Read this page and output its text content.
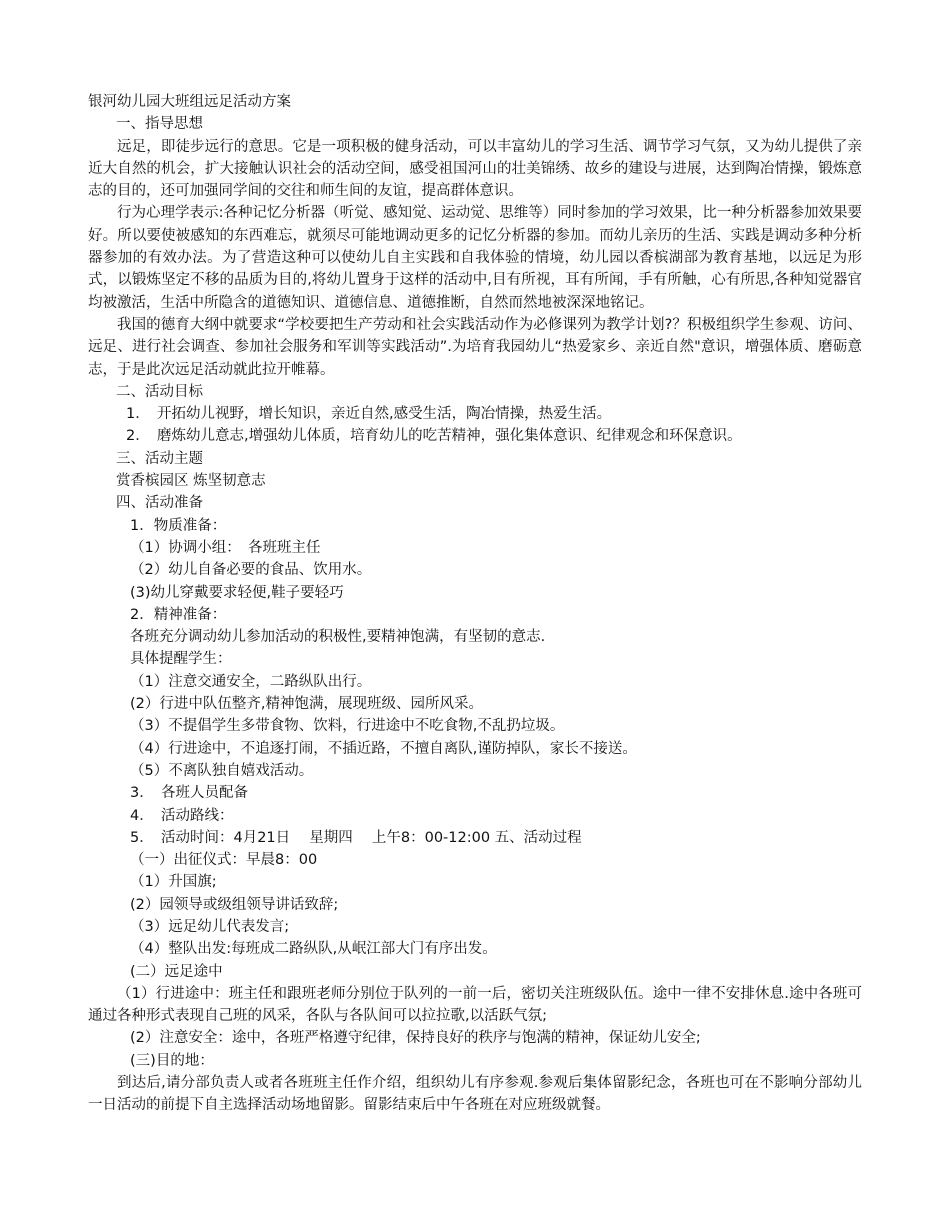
银河幼儿园大班组远足活动方案
一、指导思想
远足，即徒步远行的意思。它是一项积极的健身活动，可以丰富幼儿的学习生活、调节学习气氛，又为幼儿提供了亲近大自然的机会，扩大接触认识社会的活动空间，感受祖国河山的壮美锦绣、故乡的建设与进展，达到陶冶情操，锻炼意志的目的，还可加强同学间的交往和师生间的友谊，提高群体意识。
行为心理学表示:各种记忆分析器（听觉、感知觉、运动觉、思维等）同时参加的学习效果，比一种分析器参加效果要好。所以要使被感知的东西难忘，就须尽可能地调动更多的记忆分析器的参加。而幼儿亲历的生活、实践是调动多种分析器参加的有效办法。为了营造这种可以使幼儿自主实践和自我体验的情境，幼儿园以香槟湖部为教育基地，以远足为形式，以锻炼坚定不移的品质为目的,将幼儿置身于这样的活动中,目有所视，耳有所闻，手有所触，心有所思,各种知觉器官均被激活，生活中所隐含的道德知识、道德信息、道德推断，自然而然地被深深地铭记。
我国的德育大纲中就要求“学校要把生产劳动和社会实践活动作为必修课列为教学计划?？积极组织学生参观、访问、远足、进行社会调查、参加社会服务和军训等实践活动”.为培育我园幼儿“热爱家乡、亲近自然"意识，增强体质、磨砺意志，于是此次远足活动就此拉开帷幕。
二、活动目标
1．　开拓幼儿视野，增长知识，亲近自然,感受生活，陶冶情操，热爱生活。
2．　磨炼幼儿意志,增强幼儿体质，培育幼儿的吃苦精神，强化集体意识、纪律观念和环保意识。
三、活动主题
赏香槟园区 炼坚韧意志
四、活动准备
1．物质准备：
（1）协调小组：　各班班主任
（2）幼儿自备必要的食品、饮用水。
(3)幼儿穿戴要求轻便,鞋子要轻巧
2．精神准备：
各班充分调动幼儿参加活动的积极性,要精神饱满，有坚韧的意志.
具体提醒学生：
（1）注意交通安全，二路纵队出行。
(2）行进中队伍整齐,精神饱满，展现班级、园所风采。
（3）不提倡学生多带食物、饮料，行进途中不吃食物,不乱扔垃圾。
（4）行进途中，不追逐打闹，不插近路，不擅自离队,谨防掉队，家长不接送。
（5）不离队独自嬉戏活动。
3．　各班人员配备
4．　活动路线：
5．　活动时间：4月21日　 星期四　 上午8：00-12:00 五、活动过程
（一）出征仪式：早晨8：00
（1）升国旗;
(2）园领导或级组领导讲话致辞;
（3）远足幼儿代表发言;
（4）整队出发:每班成二路纵队,从岷江部大门有序出发。
(二）远足途中
（1）行进途中：班主任和跟班老师分别位于队列的一前一后，密切关注班级队伍。途中一律不安排休息.途中各班可通过各种形式表现自己班的风采，各队与各队间可以拉拉歌,以活跃气氛;
(2）注意安全：途中，各班严格遵守纪律，保持良好的秩序与饱满的精神，保证幼儿安全;
(三)目的地：
到达后,请分部负责人或者各班班主任作介绍，组织幼儿有序参观.参观后集体留影纪念，各班也可在不影响分部幼儿一日活动的前提下自主选择活动场地留影。留影结束后中午各班在对应班级就餐。
